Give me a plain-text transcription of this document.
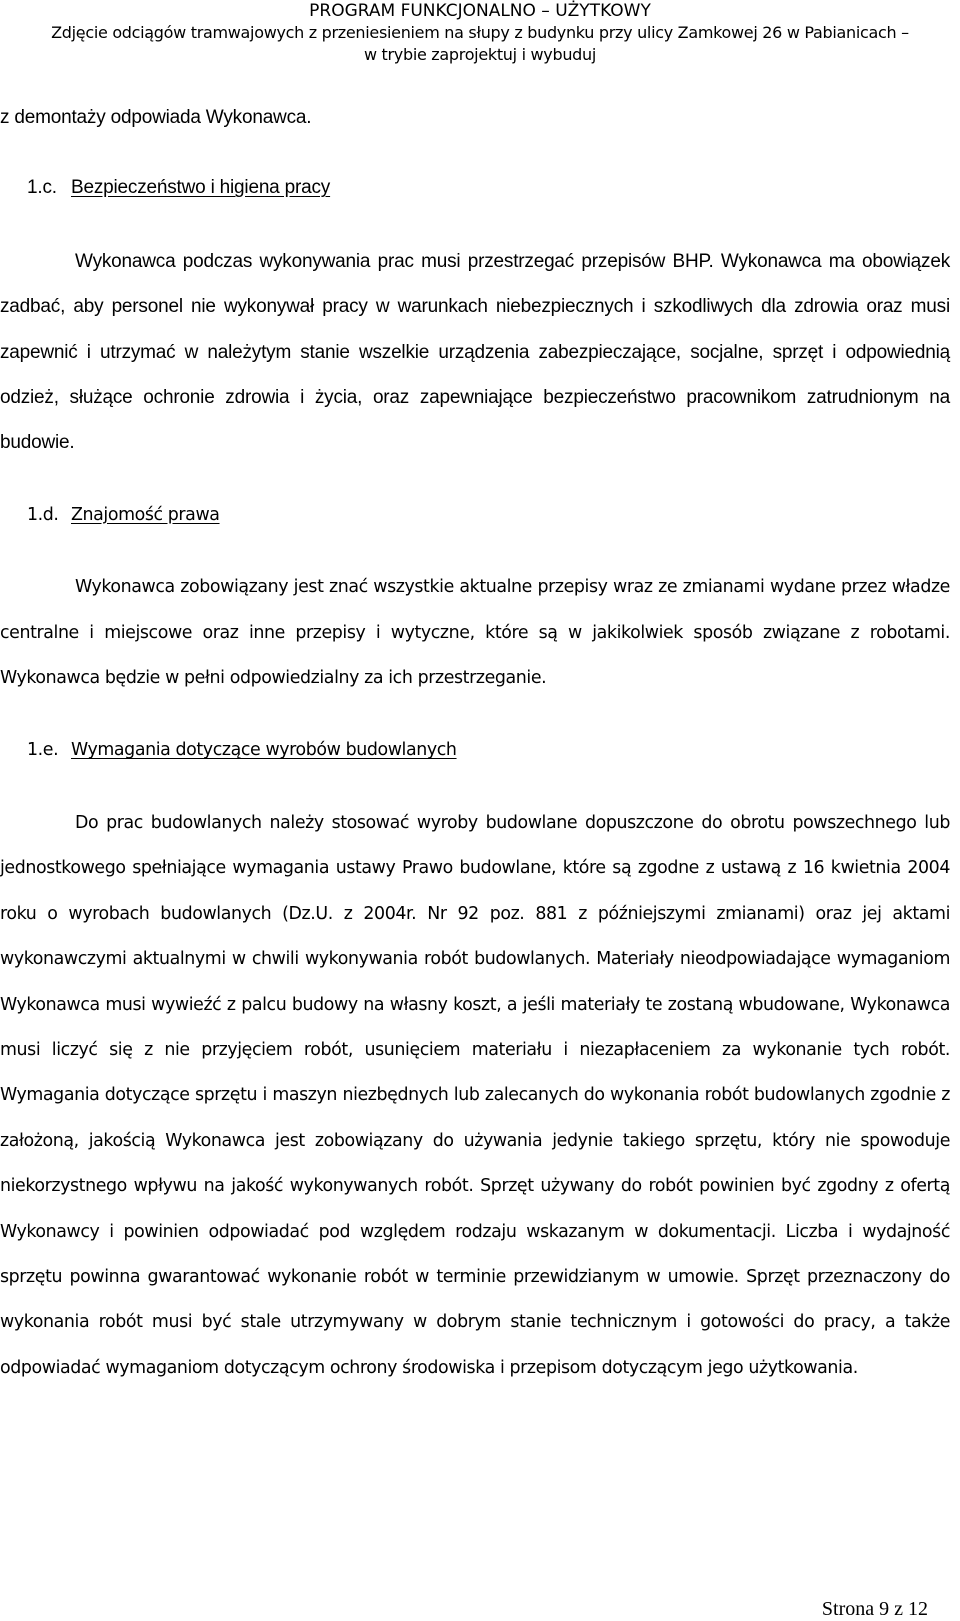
PROGRAM FUNKCJONALNO – UŻYTKOWY
Zdjęcie odciągów tramwajowych z przeniesieniem na słupy z budynku przy ulicy Zamkowej 26 w Pabianicach –
w trybie zaprojektuj i wybuduj

z demontaży odpowiada Wykonawca.

1.c. Bezpieczeństwo i higiena pracy

Wykonawca podczas wykonywania prac musi przestrzegać przepisów BHP. Wykonawca ma obowiązek zadbać, aby personel nie wykonywał pracy w warunkach niebezpiecznych i szkodliwych dla zdrowia oraz musi zapewnić i utrzymać w należytym stanie wszelkie urządzenia zabezpieczające, socjalne, sprzęt i odpowiednią odzież, służące ochronie zdrowia i życia, oraz zapewniające bezpieczeństwo pracownikom zatrudnionym na budowie.

1.d. Znajomość prawa

Wykonawca zobowiązany jest znać wszystkie aktualne przepisy wraz ze zmianami wydane przez władze centralne i miejscowe oraz inne przepisy i wytyczne, które są w jakikolwiek sposób związane z robotami. Wykonawca będzie w pełni odpowiedzialny za ich przestrzeganie.

1.e. Wymagania dotyczące wyrobów budowlanych

Do prac budowlanych należy stosować wyroby budowlane dopuszczone do obrotu powszechnego lub jednostkowego spełniające wymagania ustawy Prawo budowlane, które są zgodne z ustawą z 16 kwietnia 2004 roku o wyrobach budowlanych (Dz.U. z 2004r. Nr 92 poz. 881 z późniejszymi zmianami) oraz jej aktami wykonawczymi aktualnymi w chwili wykonywania robót budowlanych. Materiały nieodpowiadające wymaganiom Wykonawca musi wywieźć z palcu budowy na własny koszt, a jeśli materiały te zostaną wbudowane, Wykonawca musi liczyć się z nie przyjęciem robót, usunięciem materiału i niezapłaceniem za wykonanie tych robót. Wymagania dotyczące sprzętu i maszyn niezbędnych lub zalecanych do wykonania robót budowlanych zgodnie z założoną, jakością Wykonawca jest zobowiązany do używania jedynie takiego sprzętu, który nie spowoduje niekorzystnego wpływu na jakość wykonywanych robót. Sprzęt używany do robót powinien być zgodny z ofertą Wykonawcy i powinien odpowiadać pod względem rodzaju wskazanym w dokumentacji. Liczba i wydajność sprzętu powinna gwarantować wykonanie robót w terminie przewidzianym w umowie. Sprzęt przeznaczony do wykonania robót musi być stale utrzymywany w dobrym stanie technicznym i gotowości do pracy, a także odpowiadać wymaganiom dotyczącym ochrony środowiska i przepisom dotyczącym jego użytkowania.

Strona 9 z 12
